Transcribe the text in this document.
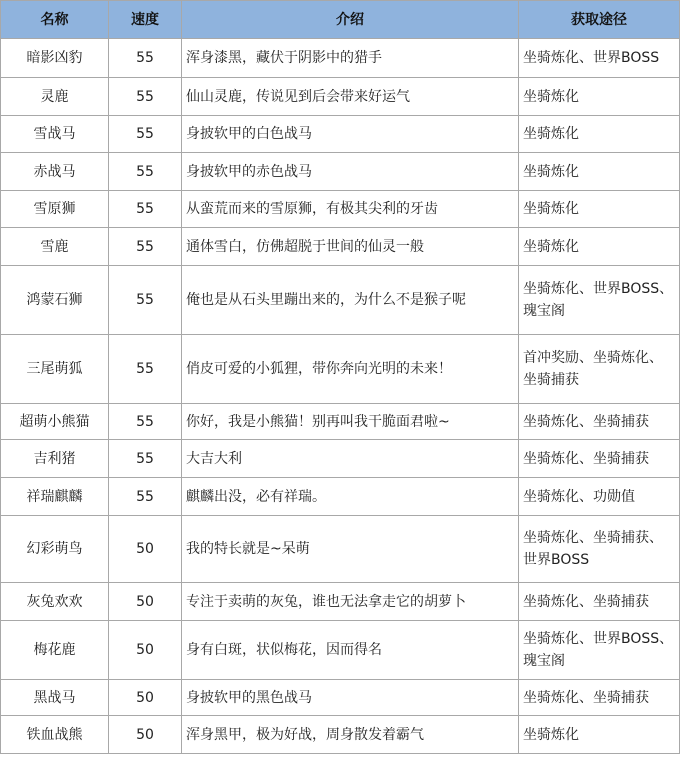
名称	速度	介绍	获取途径
暗影凶豹	55	浑身漆黑，藏伏于阴影中的猎手	坐骑炼化、世界BOSS
灵鹿	55	仙山灵鹿，传说见到后会带来好运气	坐骑炼化
雪战马	55	身披软甲的白色战马	坐骑炼化
赤战马	55	身披软甲的赤色战马	坐骑炼化
雪原狮	55	从蛮荒而来的雪原狮，有极其尖利的牙齿	坐骑炼化
雪鹿	55	通体雪白，仿佛超脱于世间的仙灵一般	坐骑炼化
鸿蒙石狮	55	俺也是从石头里蹦出来的，为什么不是猴子呢	坐骑炼化、世界BOSS、瑰宝阁
三尾萌狐	55	俏皮可爱的小狐狸，带你奔向光明的未来！	首冲奖励、坐骑炼化、坐骑捕获
超萌小熊猫	55	你好，我是小熊猫！别再叫我干脆面君啦~	坐骑炼化、坐骑捕获
吉利猪	55	大吉大利	坐骑炼化、坐骑捕获
祥瑞麒麟	55	麒麟出没，必有祥瑞。	坐骑炼化、功勋值
幻彩萌鸟	50	我的特长就是~呆萌	坐骑炼化、坐骑捕获、世界BOSS
灰兔欢欢	50	专注于卖萌的灰兔，谁也无法拿走它的胡萝卜	坐骑炼化、坐骑捕获
梅花鹿	50	身有白斑，状似梅花，因而得名	坐骑炼化、世界BOSS、瑰宝阁
黑战马	50	身披软甲的黑色战马	坐骑炼化、坐骑捕获
铁血战熊	50	浑身黑甲，极为好战，周身散发着霸气	坐骑炼化
